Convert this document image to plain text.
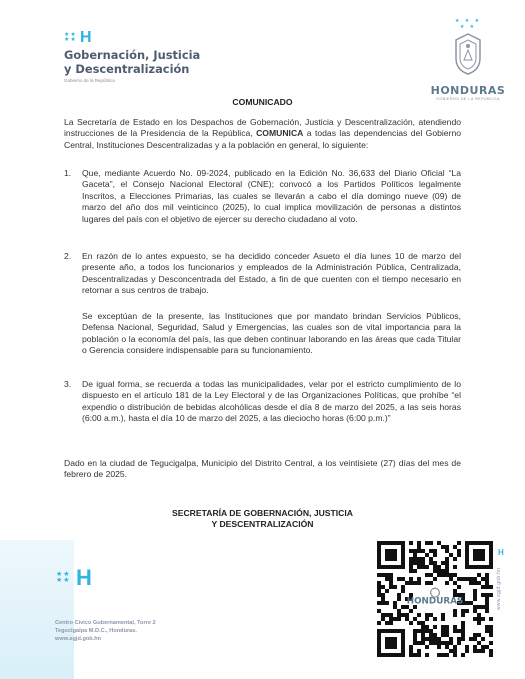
★★
★★ H
Gobernación, Justicia
y Descentralización
Gobierno de la República
★ ★ ★
★ ★
HONDURAS
GOBIERNO DE LA REPÚBLICA
COMUNICADO
La Secretaría de Estado en los Despachos de Gobernación, Justicia y Descentralización, atendiendo instrucciones de la Presidencia de la República, COMUNICA a todas las dependencias del Gobierno Central, Instituciones Descentralizadas y a la población en general, lo siguiente:
1. Que, mediante Acuerdo No. 09-2024, publicado en la Edición No. 36,633 del Diario Oficial “La Gaceta”, el Consejo Nacional Electoral (CNE); convocó a los Partidos Políticos legalmente Inscritos, a Elecciones Primarias, las cuales se llevarán a cabo el día domingo nueve (09) de marzo del año dos mil veinticinco (2025), lo cual implica movilización de personas a distintos lugares del país con el objetivo de ejercer su derecho ciudadano al voto.
2. En razón de lo antes expuesto, se ha decidido conceder Asueto el día lunes 10 de marzo del presente año, a todos los funcionarios y empleados de la Administración Pública, Centralizada, Descentralizadas y Desconcentrada del Estado, a fin de que cuenten con el tiempo necesario en retornar a sus centros de trabajo.
Se exceptúan de la presente, las Instituciones que por mandato brindan Servicios Públicos, Defensa Nacional, Seguridad, Salud y Emergencias, las cuales son de vital importancia para la población o la economía del país, las que deben continuar laborando en las áreas que cada Titular o Gerencia considere indispensable para su funcionamiento.
3. De igual forma, se recuerda a todas las municipalidades, velar por el estricto cumplimiento de lo dispuesto en el artículo 181 de la Ley Electoral y de las Organizaciones Políticas, que prohíbe “el expendio o distribución de bebidas alcohólicas desde el día 8 de marzo del 2025, a las seis horas (6:00 a.m.), hasta el día 10 de marzo del 2025, a las dieciocho horas (6:00 p.m.)”
Dado en la ciudad de Tegucigalpa, Municipio del Distrito Central, a los veintisiete (27) días del mes de febrero de 2025.
SECRETARÍA DE GOBERNACIÓN, JUSTICIA
Y DESCENTRALIZACIÓN
★★
★★ H
Centro Cívico Gubernamental, Torre 2
Tegucigalpa M.D.C., Honduras.
www.sgjd.gob.hn
HONDURAS
H
www.sgjd.gob.hn
